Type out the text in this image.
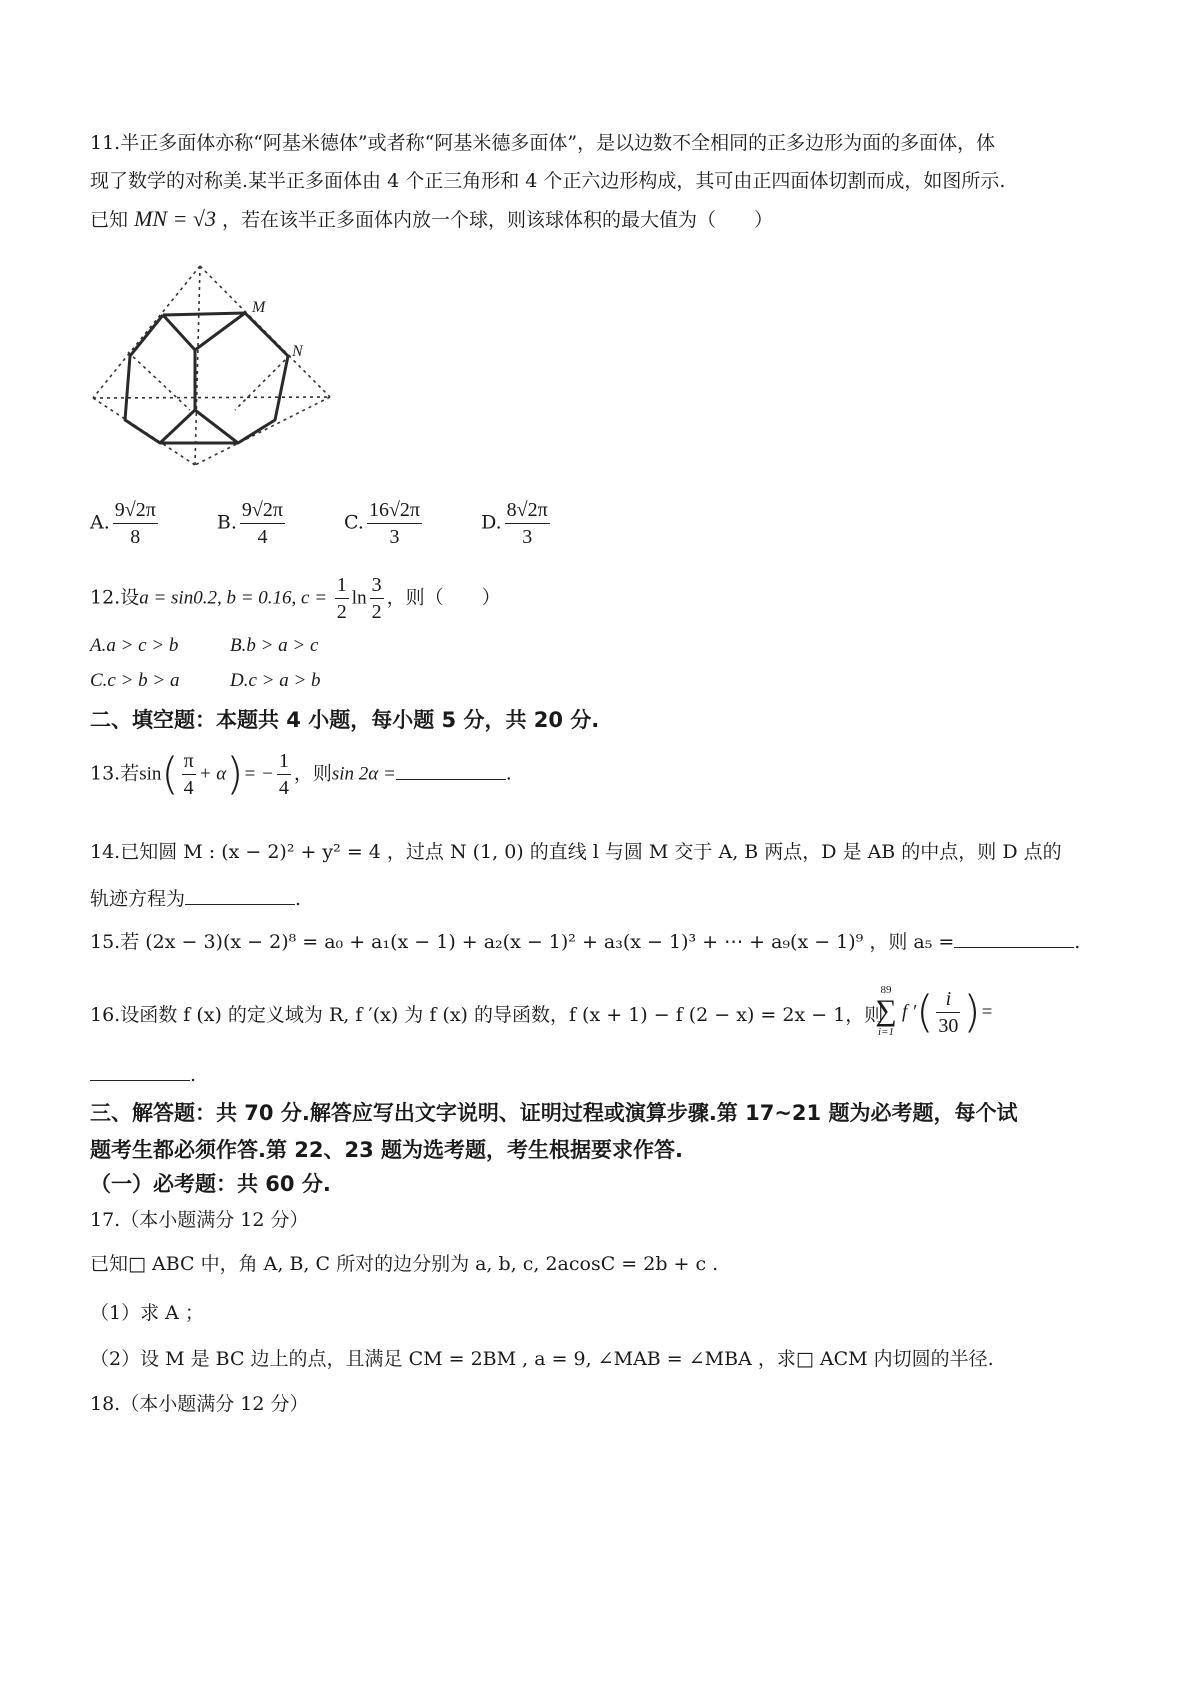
11.半正多面体亦称“阿基米德体”或者称“阿基米德多面体”，是以边数不全相同的正多边形为面的多面体，体
现了数学的对称美.某半正多面体由 4 个正三角形和 4 个正六边形构成，其可由正四面体切割而成，如图所示.
已知 MN = √3 ，若在该半正多面体内放一个球，则该球体积的最大值为（　　）
M
N
A. $\frac{9√2\pi}{8}$	B. $\frac{9√2\pi}{4}$	C. $\frac{16√2\pi}{3}$	D. $\frac{8√2\pi}{3}$
12.设a = sin0.2, b = 0.16, $c = \frac{1}{2}$ $\ln \frac{3}{2}$ ，则（　　）
A.a > c > b	B.b > a > c
C.c > b > a	D.c > a > b
二、填空题：本题共 4 小题，每小题 5 分，共 20 分.
13.若$\sin( \frac{\pi}{4} + \alpha)= - \frac{1}{4}$ ，则sin 2α =	.
14.已知圆 M : (x − 2)² + y² = 4 ，过点 N (1, 0) 的直线 l 与圆 M 交于 A, B 两点，D 是 AB 的中点，则 D 点的
轨迹方程为	.
15.若 (2x − 3)(x − 2)⁸ = a₀ + a₁(x − 1) + a₂(x − 1)² + a₃(x − 1)³ + ⋯ + a₉(x − 1)⁹ ，则 a₅ =	.
16.设函数 f (x) 的定义域为 R, f ′(x) 为 f (x) 的导函数，f (x + 1) − f (2 − x) = 2x − 1，则
89
∑
i=1
f ′( $\frac{i}{30}$ )=
.
三、解答题：共 70 分.解答应写出文字说明、证明过程或演算步骤.第 17~21 题为必考题，每个试
题考生都必须作答.第 22、23 题为选考题，考生根据要求作答.
（一）必考题：共 60 分.
17.（本小题满分 12 分）
已知□ ABC 中，角 A, B, C 所对的边分别为 a, b, c, 2acosC = 2b + c .
（1）求 A ；
（2）设 M 是 BC 边上的点，且满足 CM = 2BM , a = 9, ∠MAB = ∠MBA ，求□ ACM 内切圆的半径.
18.（本小题满分 12 分）
